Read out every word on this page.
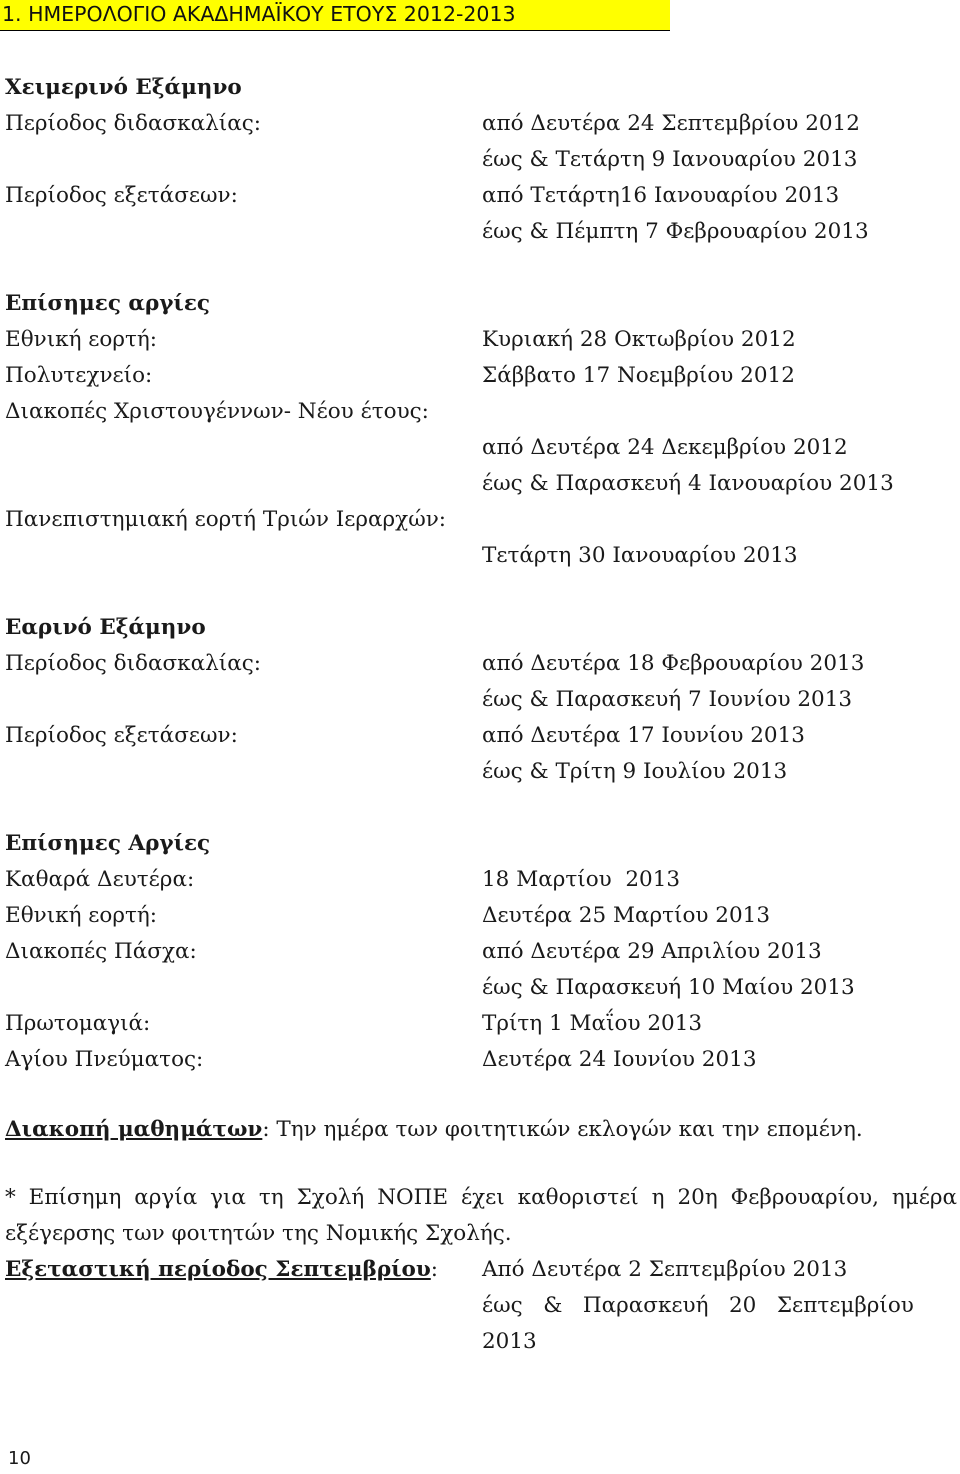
1. ΗΜΕΡΟΛΟΓΙΟ ΑΚΑΔΗΜΑΪΚΟΥ ΕΤΟΥΣ 2012-2013
Χειμερινό Εξάμηνο
Περίοδος διδασκαλίας:	από Δευτέρα 24 Σεπτεμβρίου 2012
έως & Τετάρτη 9 Ιανουαρίου 2013
Περίοδος εξετάσεων:	από Τετάρτη16 Ιανουαρίου 2013
έως & Πέμπτη 7 Φεβρουαρίου 2013
Επίσημες αργίες
Εθνική εορτή:	Κυριακή 28 Οκτωβρίου 2012
Πολυτεχνείο:	Σάββατο 17 Νοεμβρίου 2012
Διακοπές Χριστουγέννων- Νέου έτους:
από Δευτέρα 24 Δεκεμβρίου 2012
έως & Παρασκευή 4 Ιανουαρίου 2013
Πανεπιστημιακή εορτή Τριών Ιεραρχών:
Τετάρτη 30 Ιανουαρίου 2013
Εαρινό Εξάμηνο
Περίοδος διδασκαλίας:	από Δευτέρα 18 Φεβρουαρίου 2013
έως & Παρασκευή 7 Ιουνίου 2013
Περίοδος εξετάσεων:	από Δευτέρα 17 Ιουνίου 2013
έως & Τρίτη 9 Ιουλίου 2013
Επίσημες Αργίες
Καθαρά Δευτέρα:	18 Μαρτίου  2013
Εθνική εορτή:	Δευτέρα 25 Μαρτίου 2013
Διακοπές Πάσχα:	από Δευτέρα 29 Απριλίου 2013
έως & Παρασκευή 10 Μαίου 2013
Πρωτομαγιά:	Τρίτη 1 Μαΐου 2013
Αγίου Πνεύματος:	Δευτέρα 24 Ιουνίου 2013
Διακοπή μαθημάτων: Την ημέρα των φοιτητικών εκλογών και την επομένη.
* Επίσημη αργία για τη Σχολή ΝΟΠΕ έχει καθοριστεί η 20η Φεβρουαρίου, ημέρα εξέγερσης των φοιτητών της Νομικής Σχολής.
Εξεταστική περίοδος Σεπτεμβρίου: Από Δευτέρα 2 Σεπτεμβρίου 2013
έως   &   Παρασκευή   20   Σεπτεμβρίου
2013
10
